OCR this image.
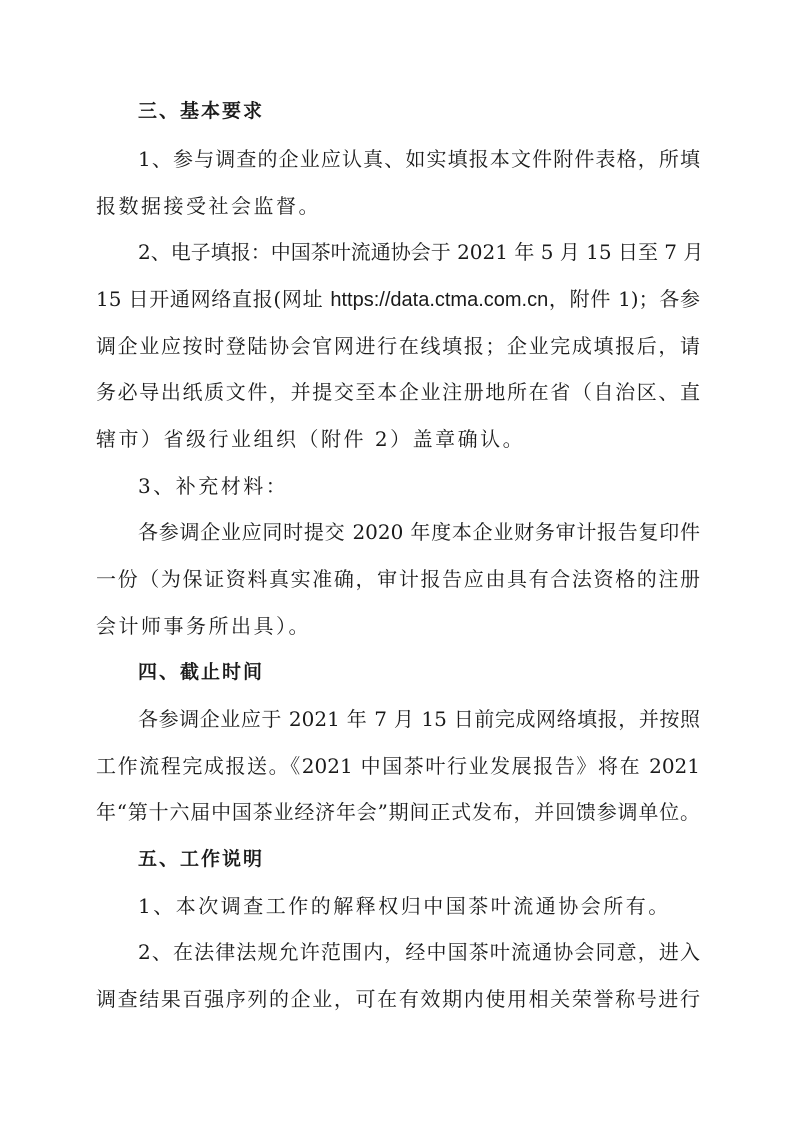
三、基本要求
1、参与调查的企业应认真、如实填报本文件附件表格，所填
报数据接受社会监督。
2、电子填报：中国茶叶流通协会于 2021 年 5 月 15 日至 7 月
15 日开通网络直报(网址 https://data.ctma.com.cn，附件 1)；各参
调企业应按时登陆协会官网进行在线填报；企业完成填报后，请
务必导出纸质文件，并提交至本企业注册地所在省（自治区、直
辖市）省级行业组织（附件 2）盖章确认。
3、补充材料：
各参调企业应同时提交 2020 年度本企业财务审计报告复印件
一份（为保证资料真实准确，审计报告应由具有合法资格的注册
会计师事务所出具）。
四、截止时间
各参调企业应于 2021 年 7 月 15 日前完成网络填报，并按照
工作流程完成报送。《2021 中国茶叶行业发展报告》将在 2021
年“第十六届中国茶业经济年会”期间正式发布，并回馈参调单位。
五、工作说明
1、本次调查工作的解释权归中国茶叶流通协会所有。
2、在法律法规允许范围内，经中国茶叶流通协会同意，进入
调查结果百强序列的企业，可在有效期内使用相关荣誉称号进行
